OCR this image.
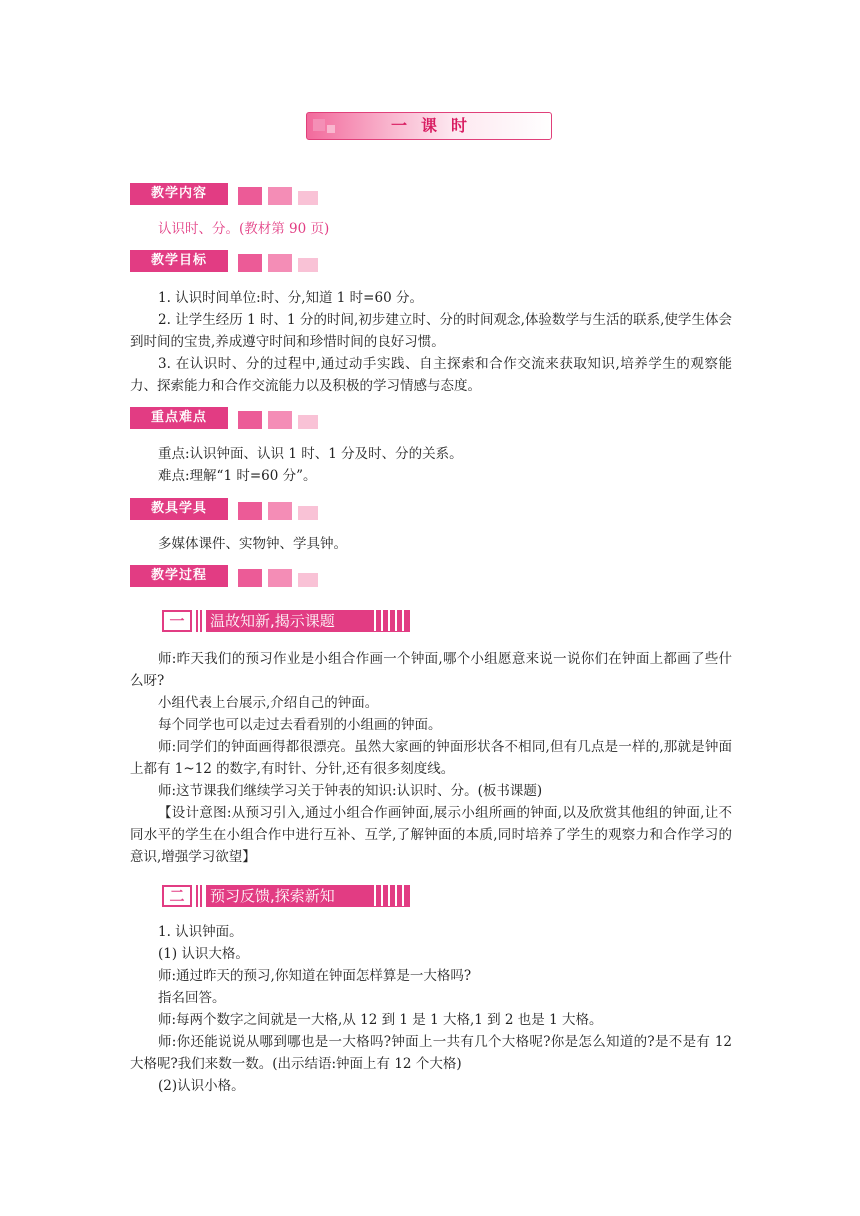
一课时
教学内容
认识时、分。(教材第 90 页)
教学目标
1. 认识时间单位:时、分,知道 1 时=60 分。
2. 让学生经历 1 时、1 分的时间,初步建立时、分的时间观念,体验数学与生活的联系,使学生体会到时间的宝贵,养成遵守时间和珍惜时间的良好习惯。
3. 在认识时、分的过程中,通过动手实践、自主探索和合作交流来获取知识,培养学生的观察能力、探索能力和合作交流能力以及积极的学习情感与态度。
重点难点
重点:认识钟面、认识 1 时、1 分及时、分的关系。
难点:理解“1 时=60 分”。
教具学具
多媒体课件、实物钟、学具钟。
教学过程
一	温故知新,揭示课题
师:昨天我们的预习作业是小组合作画一个钟面,哪个小组愿意来说一说你们在钟面上都画了些什么呀?
小组代表上台展示,介绍自己的钟面。
每个同学也可以走过去看看别的小组画的钟面。
师:同学们的钟面画得都很漂亮。虽然大家画的钟面形状各不相同,但有几点是一样的,那就是钟面上都有 1~12 的数字,有时针、分针,还有很多刻度线。
师:这节课我们继续学习关于钟表的知识:认识时、分。(板书课题)
【设计意图:从预习引入,通过小组合作画钟面,展示小组所画的钟面,以及欣赏其他组的钟面,让不同水平的学生在小组合作中进行互补、互学,了解钟面的本质,同时培养了学生的观察力和合作学习的意识,增强学习欲望】
二	预习反馈,探索新知
1. 认识钟面。
(1) 认识大格。
师:通过昨天的预习,你知道在钟面怎样算是一大格吗?
指名回答。
师:每两个数字之间就是一大格,从 12 到 1 是 1 大格,1 到 2 也是 1 大格。
师:你还能说说从哪到哪也是一大格吗?钟面上一共有几个大格呢?你是怎么知道的?是不是有 12 大格呢?我们来数一数。(出示结语:钟面上有 12 个大格)
(2)认识小格。
